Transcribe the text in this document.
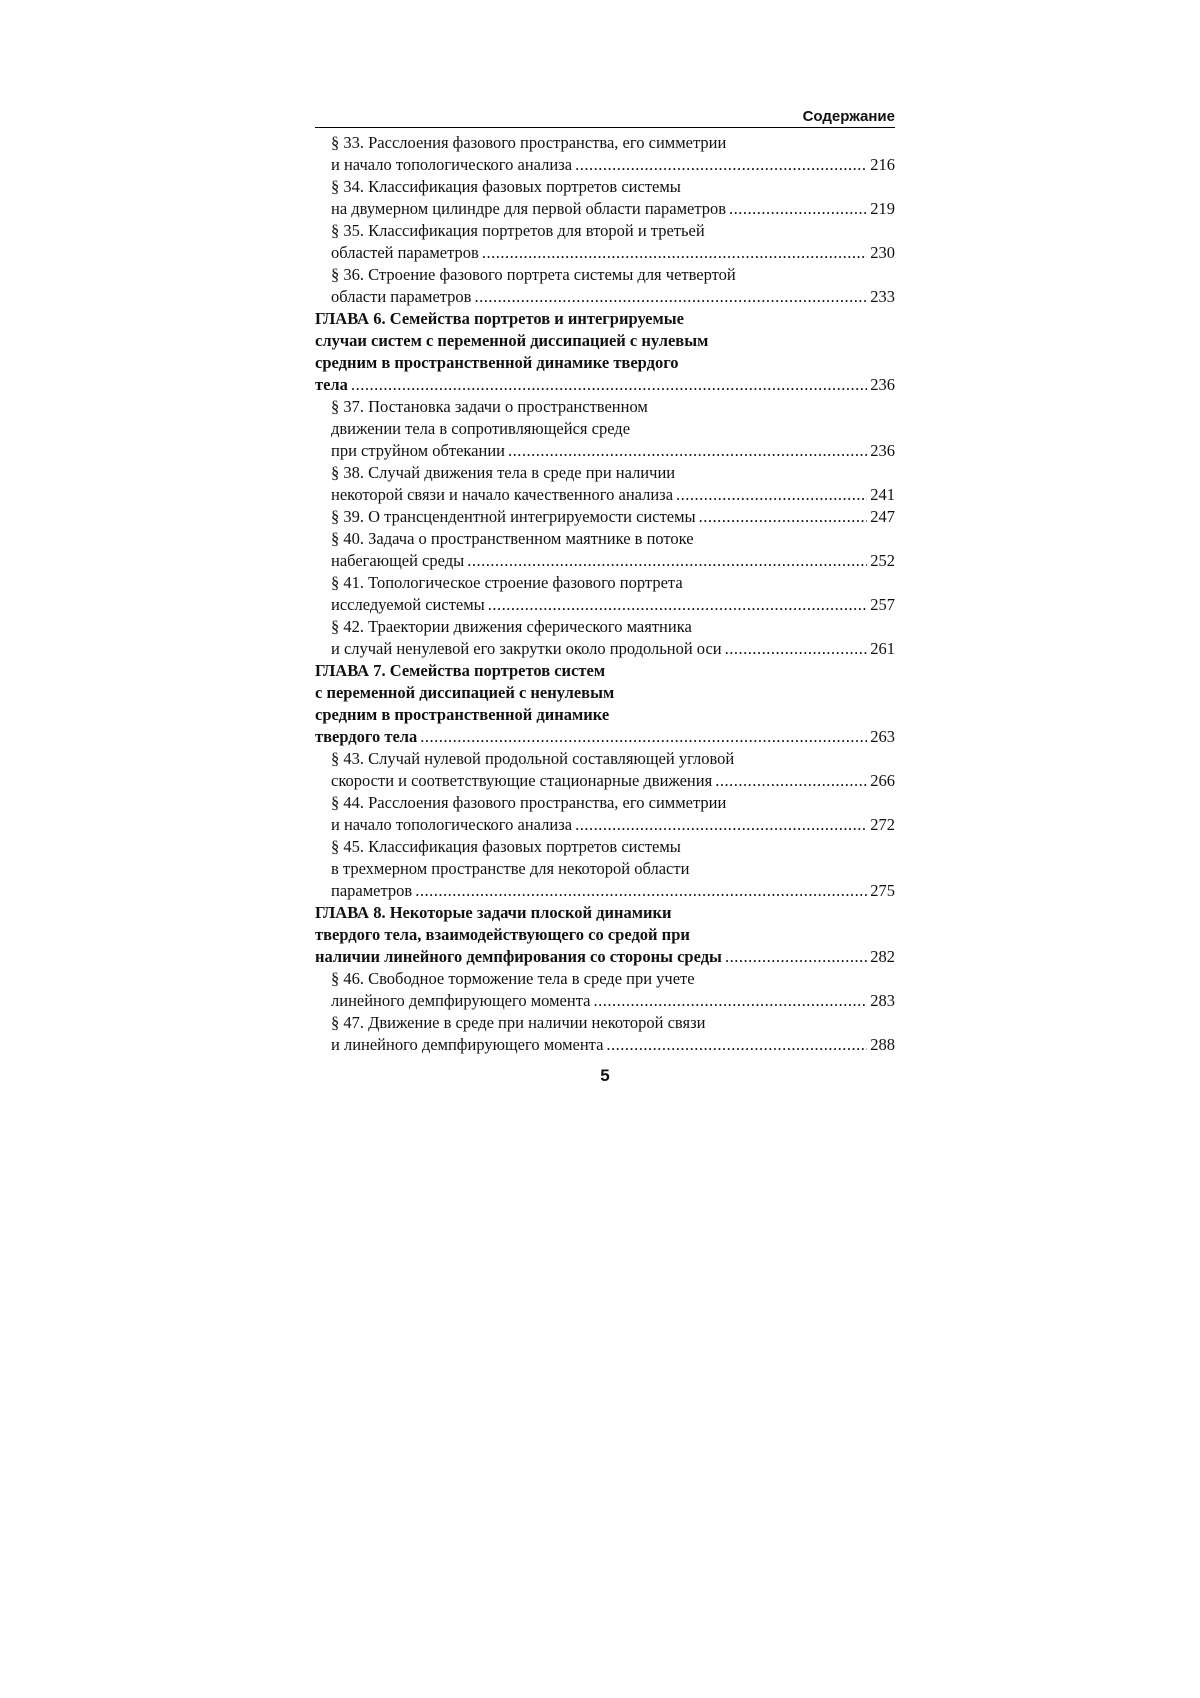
Содержание
§ 33. Расслоения фазового пространства, его симметрии
и начало топологического анализа .....	216
§ 34. Классификация фазовых портретов системы
на двумерном цилиндре для первой области параметров .....	219
§ 35. Классификация портретов для второй и третьей
областей параметров .....	230
§ 36. Строение фазового портрета системы для четвертой
области параметров .....	233
ГЛАВА 6. Семейства портретов и интегрируемые
случаи систем с переменной диссипацией с нулевым
средним в пространственной динамике твердого
тела .....	236
§ 37. Постановка задачи о пространственном
движении тела в сопротивляющейся среде
при струйном обтекании .....	236
§ 38. Случай движения тела в среде при наличии
некоторой связи и начало качественного анализа .....	241
§ 39. О трансцендентной интегрируемости системы .....	247
§ 40. Задача о пространственном маятнике в потоке
набегающей среды .....	252
§ 41. Топологическое строение фазового портрета
исследуемой системы .....	257
§ 42. Траектории движения сферического маятника
и случай ненулевой его закрутки около продольной оси .....	261
ГЛАВА 7. Семейства портретов систем
с переменной диссипацией с ненулевым
средним в пространственной динамике
твердого тела .....	263
§ 43. Случай нулевой продольной составляющей угловой
скорости и соответствующие стационарные движения .....	266
§ 44. Расслоения фазового пространства, его симметрии
и начало топологического анализа .....	272
§ 45. Классификация фазовых портретов системы
в трехмерном пространстве для некоторой области
параметров .....	275
ГЛАВА 8. Некоторые задачи плоской динамики
твердого тела, взаимодействующего со средой при
наличии линейного демпфирования со стороны среды .....	282
§ 46. Свободное торможение тела в среде при учете
линейного демпфирующего момента .....	283
§ 47. Движение в среде при наличии некоторой связи
и линейного демпфирующего момента .....	288
5
